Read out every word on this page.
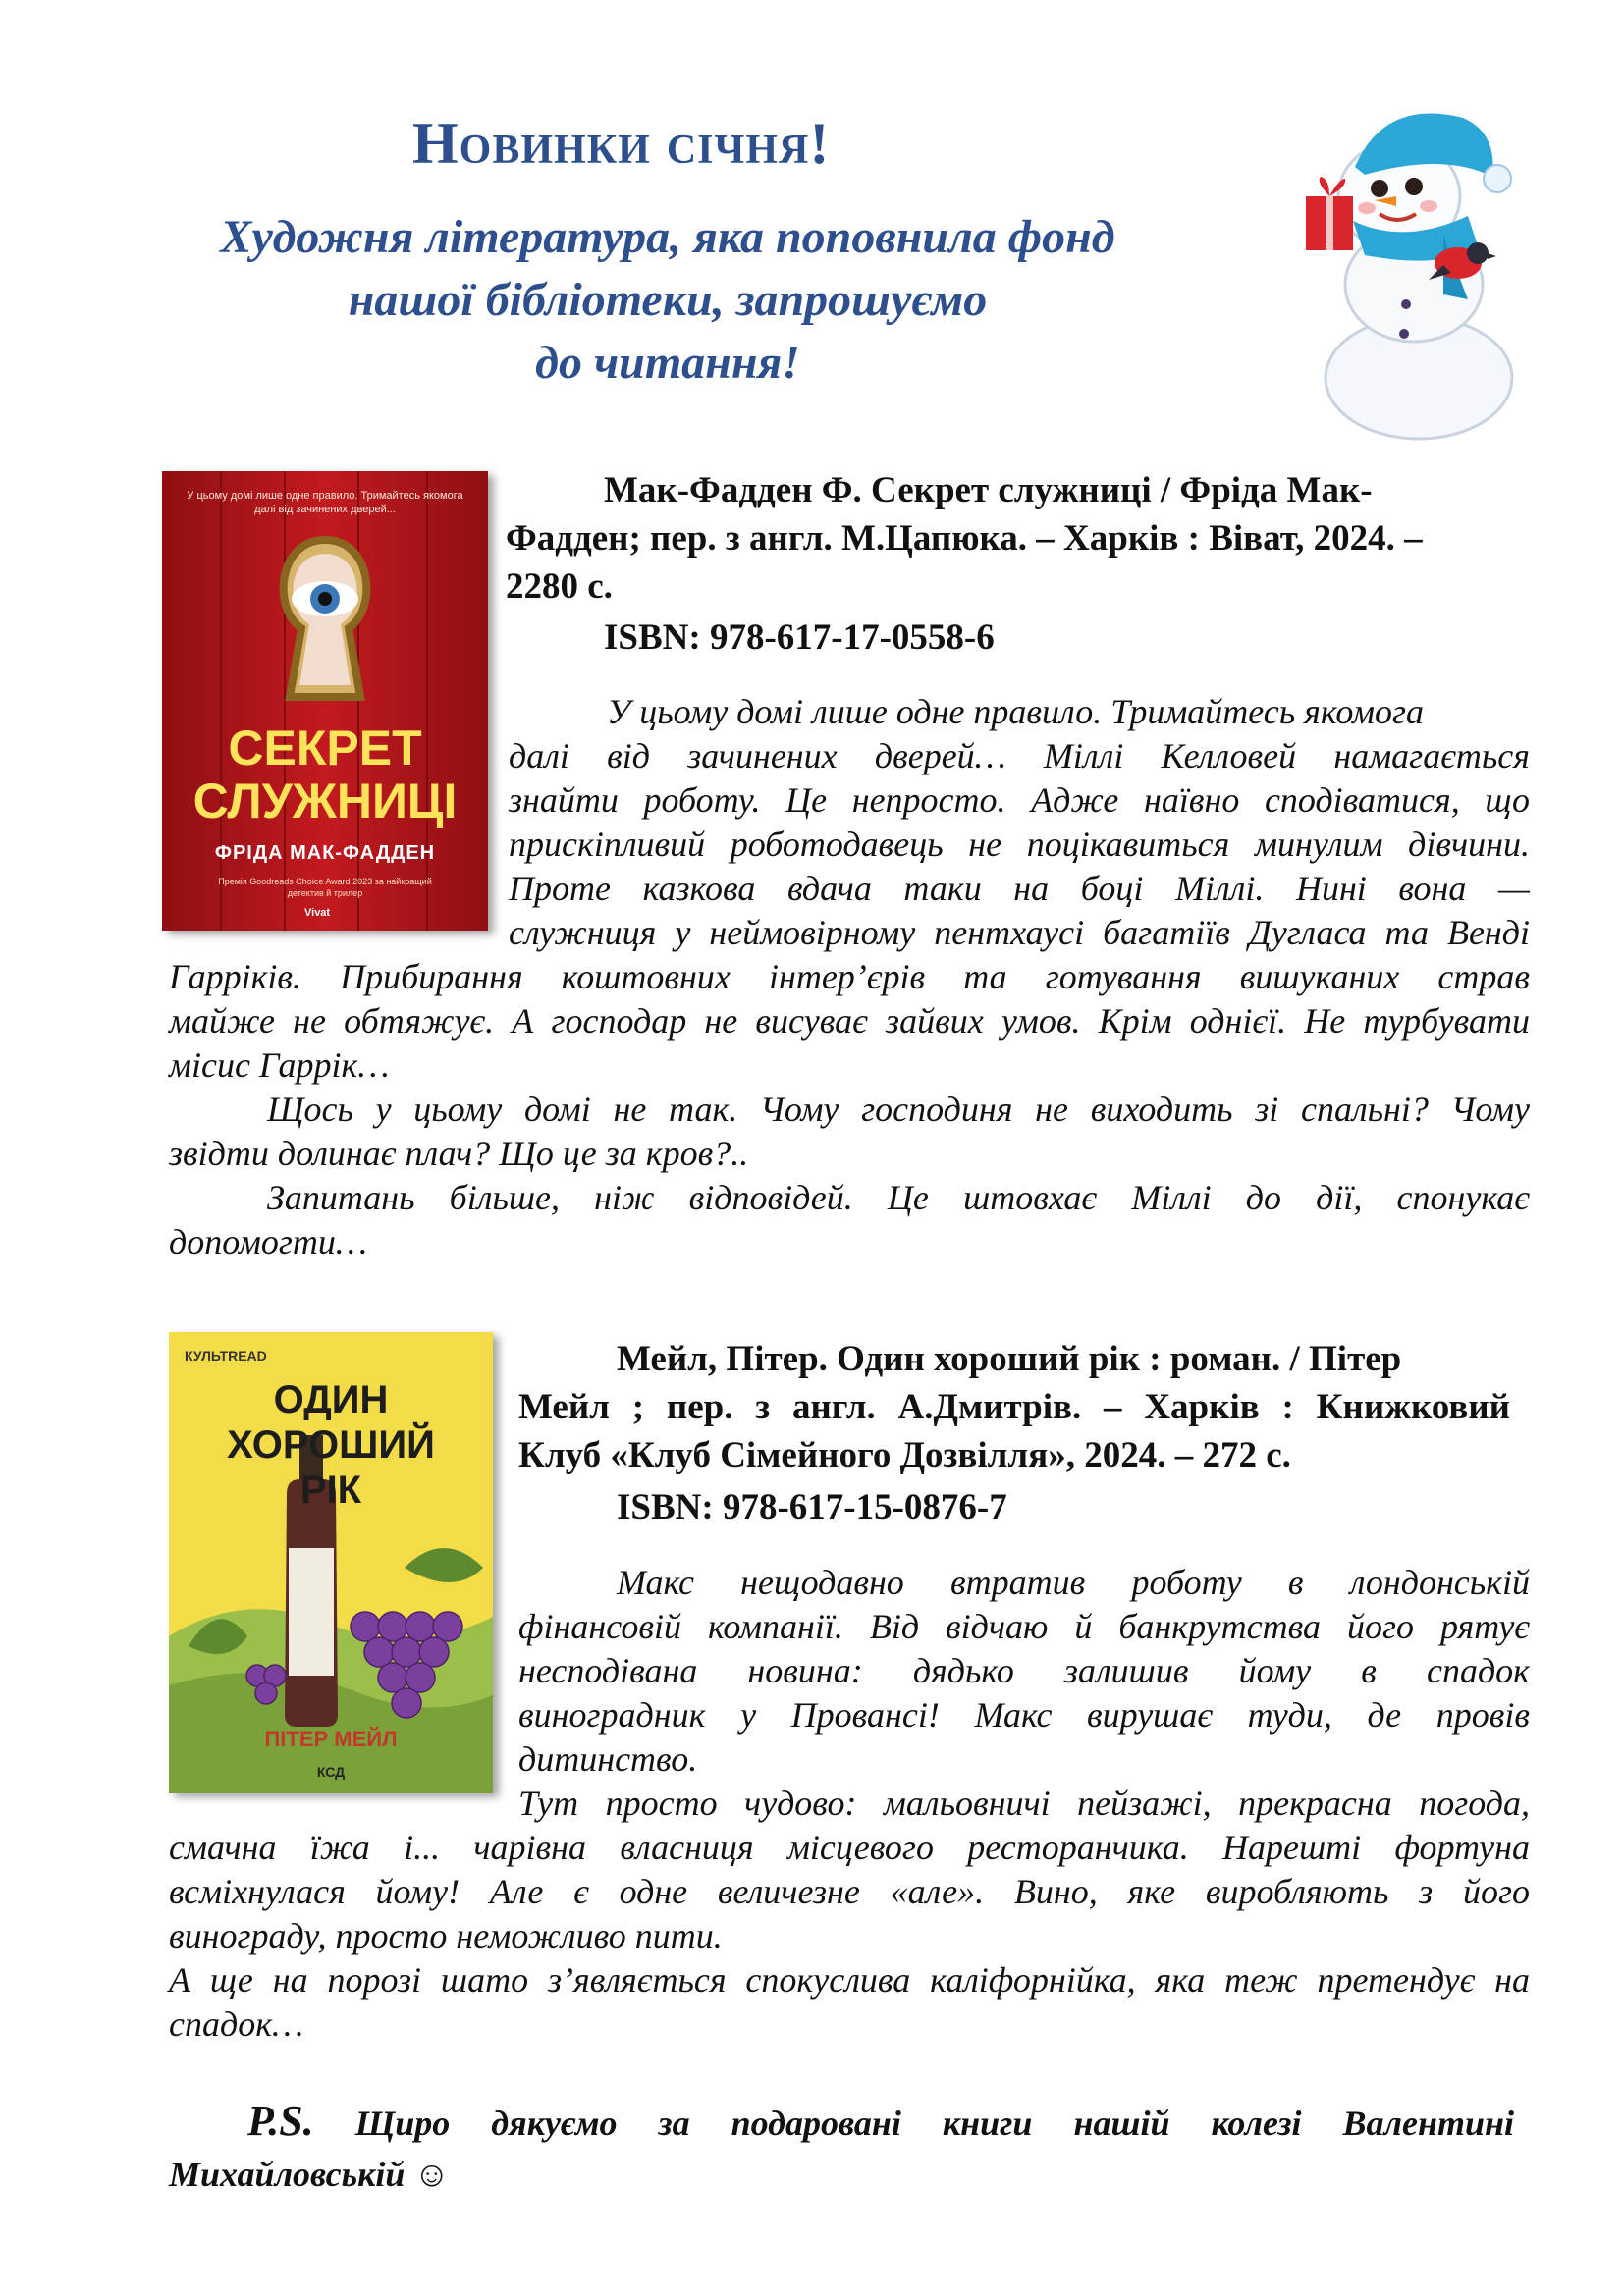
Новинки січня!
Художня література, яка поповнила фонд
нашої бібліотеки, запрошуємо
до читання!
У цьому домі лише одне правило. Тримайтесь якомога далі від зачинених дверей...
СЕКРЕТ
СЛУЖНИЦІ
ФРІДА МАК-ФАДДЕН
Премія Goodreads Choice Award 2023 за найкращий детектив й трилер
Vivat
Мак-Фадден Ф. Секрет служниці / Фріда Мак-
Фадден; пер. з англ. М.Цапюка. – Харків : Віват, 2024. –
2280 с.
ISBN: 978-617-17-0558-6
У цьому домі лише одне правило. Тримайтесь якомога
далі від зачинених дверей… Міллі Келловей намагається
знайти роботу. Це непросто. Адже наївно сподіватися, що
прискіпливий роботодавець не поцікавиться минулим дівчини.
Проте казкова вдача таки на боці Міллі. Нині вона —
служниця у неймовірному пентхаусі багатіїв Дугласа та Венді
Гарріків. Прибирання коштовних інтер’єрів та готування вишуканих страв
майже не обтяжує. А господар не висуває зайвих умов. Крім однієї. Не турбувати
місис Гаррік…
Щось у цьому домі не так. Чому господиня не виходить зі спальні? Чому
звідти долинає плач? Що це за кров?..
Запитань більше, ніж відповідей. Це штовхає Міллі до дії, спонукає
допомогти…
КУЛЬТREAD
ОДИН ХОРОШИЙ
РІК
ПІТЕР МЕЙЛ
КСД
Мейл, Пітер. Один хороший рік : роман. / Пітер
Мейл ; пер. з англ. А.Дмитрів. – Харків : Книжковий
Клуб «Клуб Сімейного Дозвілля», 2024. – 272 с.
ISBN: 978-617-15-0876-7
Макс нещодавно втратив роботу в лондонській
фінансовій компанії. Від відчаю й банкрутства його рятує
несподівана новина: дядько залишив йому в спадок
виноградник у Провансі! Макс вирушає туди, де провів
дитинство.
Тут просто чудово: мальовничі пейзажі, прекрасна погода,
смачна їжа і... чарівна власниця місцевого ресторанчика. Нарешті фортуна
всміхнулася йому! Але є одне величезне «але». Вино, яке виробляють з його
винограду, просто неможливо пити.
А ще на порозі шато з’являється спокуслива каліфорнійка, яка теж претендує на
спадок…
P.S. Щиро дякуємо за подаровані книги нашій колезі Валентині
Михайловській ☺
